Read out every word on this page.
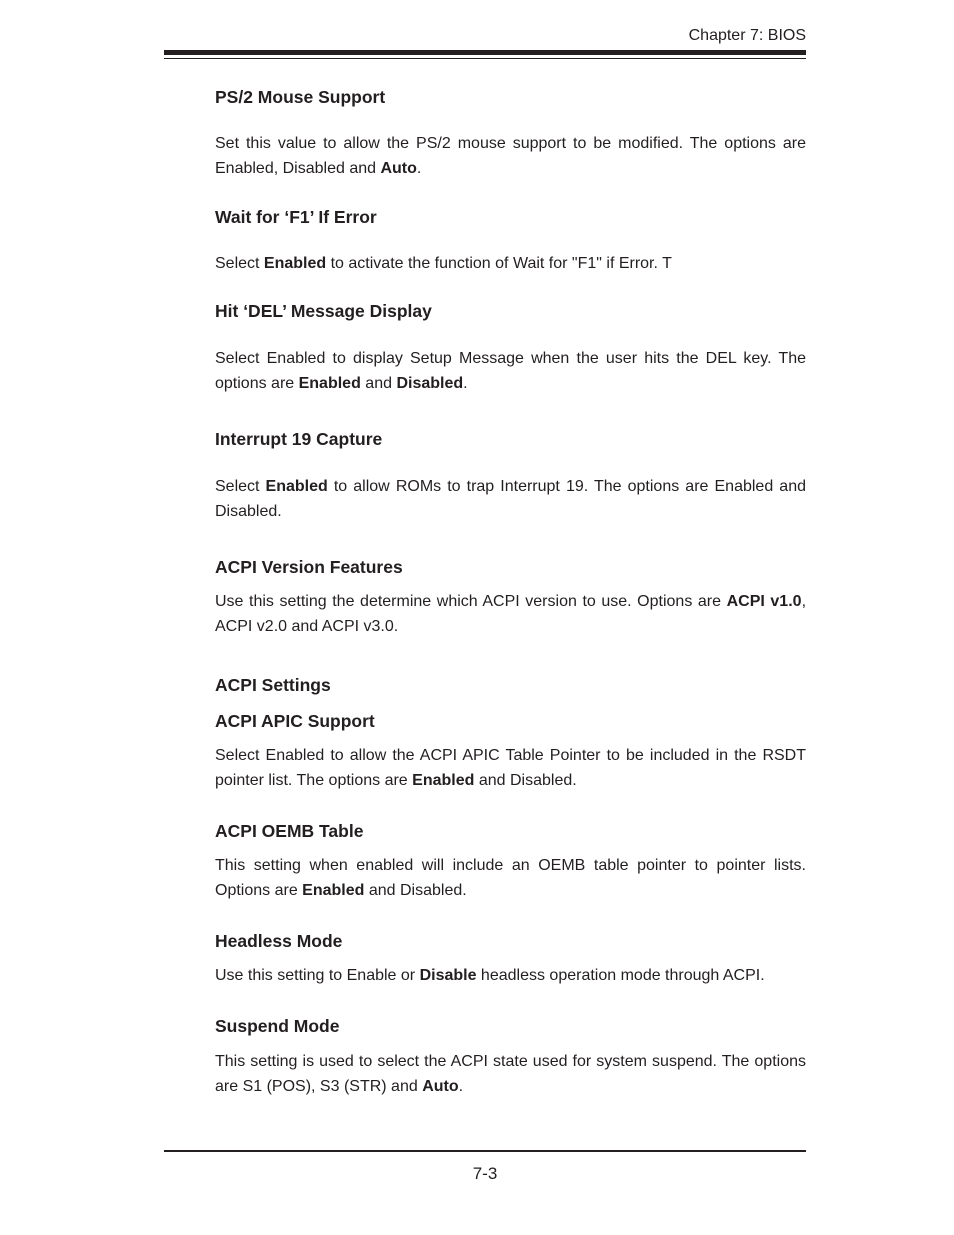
Chapter 7: BIOS
PS/2 Mouse Support

Set this value to allow the PS/2 mouse support to be modified. The options are Enabled, Disabled and Auto.

Wait for ‘F1’ If Error

Select Enabled to activate the function of Wait for "F1" if Error. T

Hit ‘DEL’ Message Display

Select Enabled to display Setup Message when the user hits the DEL key. The options are Enabled and Disabled.

Interrupt 19 Capture

Select Enabled to allow ROMs to trap Interrupt 19. The options are Enabled and Disabled.

ACPI Version Features

Use this setting the determine which ACPI version to use. Options are ACPI v1.0, ACPI v2.0 and ACPI v3.0.

ACPI Settings
ACPI APIC Support

Select Enabled to allow the ACPI APIC Table Pointer to be included in the RSDT pointer list. The options are Enabled and Disabled.

ACPI OEMB Table

This setting when enabled will include an OEMB table pointer to pointer lists. Options are Enabled and Disabled.

Headless Mode

Use this setting to Enable or Disable headless operation mode through ACPI.

Suspend Mode

This setting is used to select the ACPI state used for system suspend. The options are S1 (POS), S3 (STR) and Auto.

7-3
